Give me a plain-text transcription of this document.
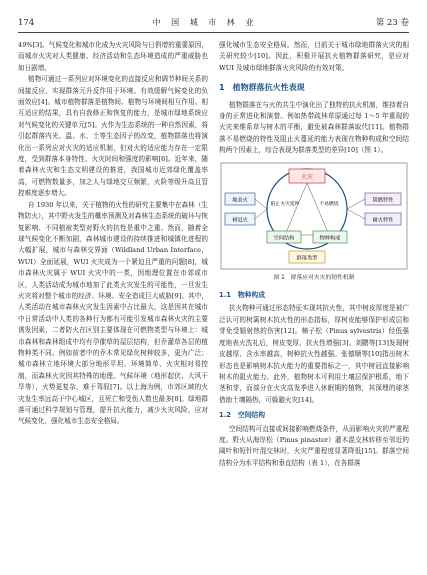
174	中 国 城 市 林 业	第 23 卷

49%[3]。气候变化和城市化成为火灾风险与日俱增的重要原因，而城市火灾对人类健康、经济活动和生态环境造成的严重威胁也如日剧增。

植物可通过一系列应对环境变化的直接反应和调节种间关系的间接反应，实现群落元升反作用于环境。有效缓解气候变化的负面效应[4]。城市植物群落是植物间、植物与环境间相互作用、相互适应的结果，具有自我修正和恢复的能力，是城市绿地系统应对气候变化的关键单元[5]。火作为生态系统的一种自然因素，将引起群落内光、温、水、土等生态因子的改变，植物群落也将演化出一系列应对火灾的适应机制，但对火的适应能力存在一定限度，受到群落本身特性、火灾时间和强度的影响[6]。近年来，随着森林火灾和生态文明建设的推进，我国城市近郊绿化覆盖率高，可燃物数量多，加之人与绿地交互频繁，火险等级升高且管控难度逐步增大。

自 1930 年以来，关于植物的火性的研究主要集中在森林（生物防火），其中野火发生的概率预测及对森林生态系统的破坏与恢复影响、不同植被类型对野火的抗性是重中之重。然而，随着全球气候变化不断加剧，森林城市建设的持续推进和城镇化进程的大幅扩展，城市与森林交界面（Wildland Urban Interface，WUI）全面延展，WUI 火灾成为一个紧迫且严重的问题[8]，城市森林火灾属于 WUI 火灾中的一类，因地理位置在市郊或市区，人类活动成为城市地加了此类火灾发生的可能性，一旦发生火灾将对整个城市的经济、环境、安全造成巨大威胁[9]。其中，人类活动在城市森林火灾发生因素中占比最大，这是因其在城市中日常活动中人类的各种行为都有可能引发城市森林火灾的主要诱发因素，二者防火在区别主要体现在可燃物类型与环境上：城市森林和森林组成中均有孕催草的屋层结构，但乔灌草各层的植物种类不同。例如前者中的乔木常见绿化树种较多，更为广泛；城市森林立地环境大部分地形平坦、环境简单、火灾相对易控制，而森林火灾因其特殊的地理、气候环境（地形起伏、大风干旱等），火势更复杂、难于驾驭[7]。以上海为例，市郊区域的火灾发生率远高于中心城区，且死亡和受伤人数也最多[8]。绿地群落可通过科学规划与管理，提升抗火能力，减少火灾风险，应对气候变化，强化城市生态安全格局。

强化城市生态安全格局。然而，目前关于城市绿地群落火灾的相关研究较少[10]。因此，积极开展抗火植物群落研究，是应对 WUI 及城市绿地群落火灾风险的有效对策。

1　植物群落抗火性表现

植物群落在与火的共生中演化出了独特的抗火机制，维持着自身的正常进化和演替。例如热带疏林草原通过每 1～5 年重现的火灾来维系草与树木的平衡，避免被森林群落取代[11]。植物群落不易燃烧的特性及阻止火蔓延的能力表现在物种构成和空间结构两个因素上，综合表现为群落类型的差异[10]（图 1）。

火灾
地表火
树冠火
阻止火灾延伸	不易燃烧
空间结构	物种构成
群落类型
阻燃特性
耐火特性
图 1　群落应对火灾的韧性机制
1.1　物种构成

抗火物种可通过形态特征实现其抗火性，其中树皮厚度是被广泛认可的树篱树木抗火性的形态指标，厚树皮能够保护形成层和芽免受辐射热的伤害[12]。樟子松（Pinus sylvestris）经低强度地表火洗礼后，树皮变厚，抗火性增强[3]。刘鹏等[13]发现树皮越厚、含水率越高，树种抗火性越强。张德顺等[10]指出树木形态也是影响树木抗火能力的重要指标之一，其中树冠直接影响树木的阻火能力。此外，植物树木可利用土壤层保护根系，地下茎和芽，而部分在火灾高发季进入休眠期的植物，其深埋的球茎借助土壤隔热，可躲避火灾[14]。

1.2　空间结构

空间结构可直接或间接影响燃烧条件，从而影响火灾的严重程度。野火从海岸松（Pinus pinaster）灌木混交林转移至邻近的阔叶和短针叶混交林时，火灾严重程度显著降低[15]。群落空间结构分为水平结构和垂直结构（表 1），在各群落
